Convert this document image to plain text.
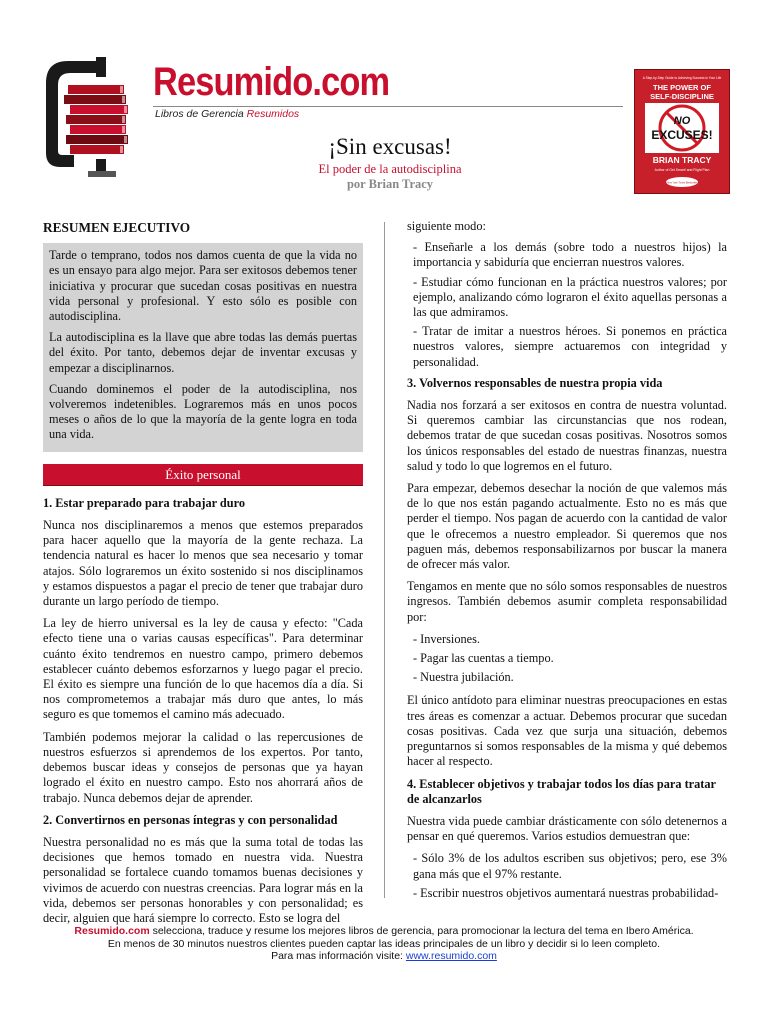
Resumido.com
Libros de Gerencia Resumidos
¡Sin excusas!
El poder de la autodisciplina
por Brian Tracy
A Step-by-Step Guide to Achieving Success in Your Life
THE POWER OF
SELF-DISCIPLINE
NO
EXCUSES!
BRIAN TRACY
Author of Get Smart! and Flight Plan
New York Times Bestseller
RESUMEN EJECUTIVO

Tarde o temprano, todos nos damos cuenta de que la vida no es un ensayo para algo mejor. Para ser exitosos debemos tener iniciativa y procurar que sucedan cosas positivas en nuestra vida personal y profesional. Y esto sólo es posible con autodisciplina.

La autodisciplina es la llave que abre todas las demás puertas del éxito. Por tanto, debemos dejar de inventar excusas y empezar a disciplinarnos.

Cuando dominemos el poder de la autodisciplina, nos volveremos indetenibles. Lograremos más en unos pocos meses o años de lo que la mayoría de la gente logra en toda una vida.

Éxito personal
1. Estar preparado para trabajar duro

Nunca nos disciplinaremos a menos que estemos preparados para hacer aquello que la mayoría de la gente rechaza. La tendencia natural es hacer lo menos que sea necesario y tomar atajos. Sólo lograremos un éxito sostenido si nos disciplinamos y estamos dispuestos a pagar el precio de tener que trabajar duro durante un largo período de tiempo.

La ley de hierro universal es la ley de causa y efecto: "Cada efecto tiene una o varias causas específicas". Para determinar cuánto éxito tendremos en nuestro campo, primero debemos establecer cuánto debemos esforzarnos y luego pagar el precio. El éxito es siempre una función de lo que hacemos día a día. Si nos comprometemos a trabajar más duro que antes, lo más seguro es que tomemos el camino más adecuado.

También podemos mejorar la calidad o las repercusiones de nuestros esfuerzos si aprendemos de los expertos. Por tanto, debemos buscar ideas y consejos de personas que ya hayan logrado el éxito en nuestro campo. Esto nos ahorrará años de trabajo. Nunca debemos dejar de aprender.

2. Convertirnos en personas íntegras y con personalidad

Nuestra personalidad no es más que la suma total de todas las decisiones que hemos tomado en nuestra vida. Nuestra personalidad se fortalece cuando tomamos buenas decisiones y vivimos de acuerdo con nuestras creencias. Para lograr más en la vida, debemos ser personas honorables y con personalidad; es decir, alguien que hará siempre lo correcto. Esto se logra del

siguiente modo:

- Enseñarle a los demás (sobre todo a nuestros hijos) la importancia y sabiduría que encierran nuestros valores.

- Estudiar cómo funcionan en la práctica nuestros valores; por ejemplo, analizando cómo lograron el éxito aquellas personas a las que admiramos.

- Tratar de imitar a nuestros héroes. Si ponemos en práctica nuestros valores, siempre actuaremos con integridad y personalidad.

3. Volvernos responsables de nuestra propia vida

Nadia nos forzará a ser exitosos en contra de nuestra voluntad. Si queremos cambiar las circunstancias que nos rodean, debemos tratar de que sucedan cosas positivas. Nosotros somos los únicos responsables del estado de nuestras finanzas, nuestra salud y todo lo que logremos en el futuro.

Para empezar, debemos desechar la noción de que valemos más de lo que nos están pagando actualmente. Esto no es más que perder el tiempo. Nos pagan de acuerdo con la cantidad de valor que le ofrecemos a nuestro empleador. Si queremos que nos paguen más, debemos responsabilizarnos por buscar la manera de ofrecer más valor.

Tengamos en mente que no sólo somos responsables de nuestros ingresos. También debemos asumir completa responsabilidad por:

- Inversiones.

- Pagar las cuentas a tiempo.

- Nuestra jubilación.

El único antídoto para eliminar nuestras preocupaciones en estas tres áreas es comenzar a actuar. Debemos procurar que sucedan cosas positivas. Cada vez que surja una situación, debemos preguntarnos si somos responsables de la misma y qué debemos hacer al respecto.

4. Establecer objetivos y trabajar todos los días para tratar de alcanzarlos

Nuestra vida puede cambiar drásticamente con sólo detenernos a pensar en qué queremos. Varios estudios demuestran que:

- Sólo 3% de los adultos escriben sus objetivos; pero, ese 3% gana más que el 97% restante.

- Escribir nuestros objetivos aumentará nuestras probabilidad-

Resumido.com selecciona, traduce y resume los mejores libros de gerencia, para promocionar la lectura del tema en Ibero América.
En menos de 30 minutos nuestros clientes pueden captar las ideas principales de un libro y decidir si lo leen completo.
Para mas información visite: www.resumido.com
